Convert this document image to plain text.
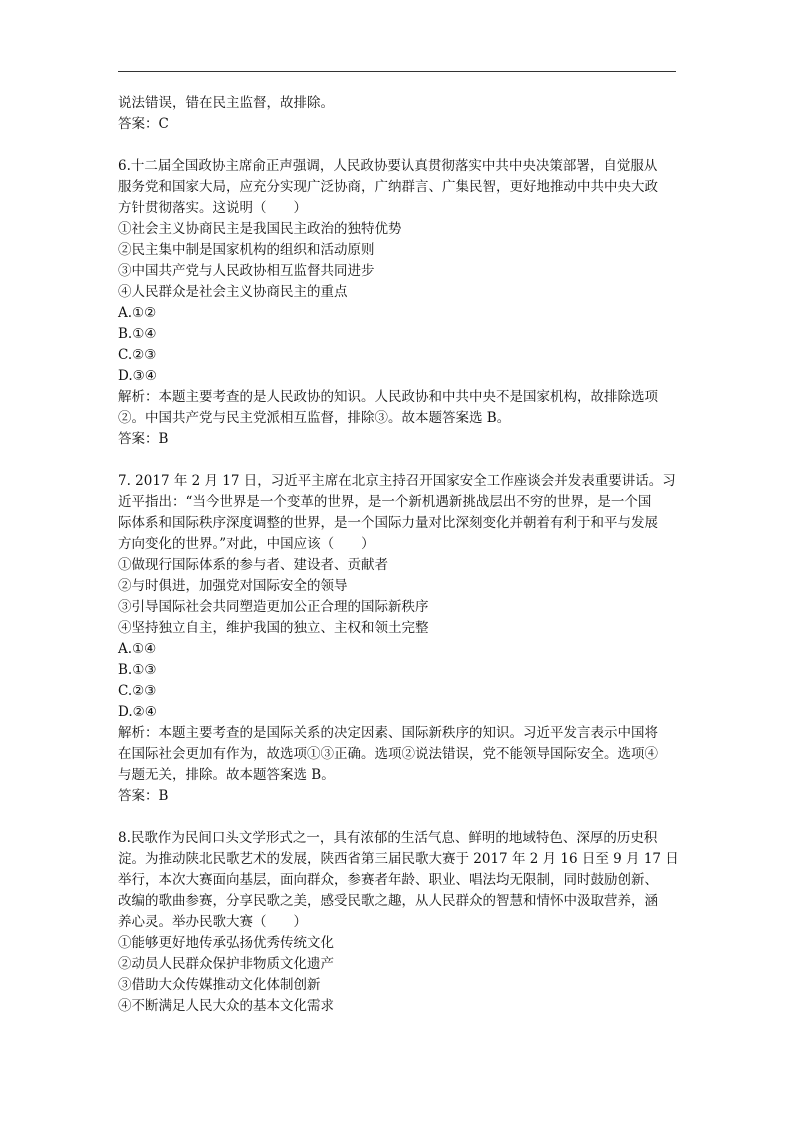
说法错误，错在民主监督，故排除。
答案：C
6.十二届全国政协主席俞正声强调，人民政协要认真贯彻落实中共中央决策部署，自觉服从
服务党和国家大局，应充分实现广泛协商，广纳群言、广集民智，更好地推动中共中央大政
方针贯彻落实。这说明（　　）
①社会主义协商民主是我国民主政治的独特优势
②民主集中制是国家机构的组织和活动原则
③中国共产党与人民政协相互监督共同进步
④人民群众是社会主义协商民主的重点
A.①②
B.①④
C.②③
D.③④
解析：本题主要考查的是人民政协的知识。人民政协和中共中央不是国家机构，故排除选项
②。中国共产党与民主党派相互监督，排除③。故本题答案选 B。
答案：B
7. 2017 年 2 月 17 日，习近平主席在北京主持召开国家安全工作座谈会并发表重要讲话。习
近平指出：“当今世界是一个变革的世界，是一个新机遇新挑战层出不穷的世界，是一个国
际体系和国际秩序深度调整的世界，是一个国际力量对比深刻变化并朝着有利于和平与发展
方向变化的世界。”对此，中国应该（　　）
①做现行国际体系的参与者、建设者、贡献者
②与时俱进，加强党对国际安全的领导
③引导国际社会共同塑造更加公正合理的国际新秩序
④坚持独立自主，维护我国的独立、主权和领土完整
A.①④
B.①③
C.②③
D.②④
解析：本题主要考查的是国际关系的决定因素、国际新秩序的知识。习近平发言表示中国将
在国际社会更加有作为，故选项①③正确。选项②说法错误，党不能领导国际安全。选项④
与题无关，排除。故本题答案选 B。
答案：B
8.民歌作为民间口头文学形式之一，具有浓郁的生活气息、鲜明的地域特色、深厚的历史积
淀。为推动陕北民歌艺术的发展，陕西省第三届民歌大赛于 2017 年 2 月 16 日至 9 月 17 日
举行，本次大赛面向基层，面向群众，参赛者年龄、职业、唱法均无限制，同时鼓励创新、
改编的歌曲参赛，分享民歌之美，感受民歌之趣，从人民群众的智慧和情怀中汲取营养，涵
养心灵。举办民歌大赛（　　）
①能够更好地传承弘扬优秀传统文化
②动员人民群众保护非物质文化遗产
③借助大众传媒推动文化体制创新
④不断满足人民大众的基本文化需求
